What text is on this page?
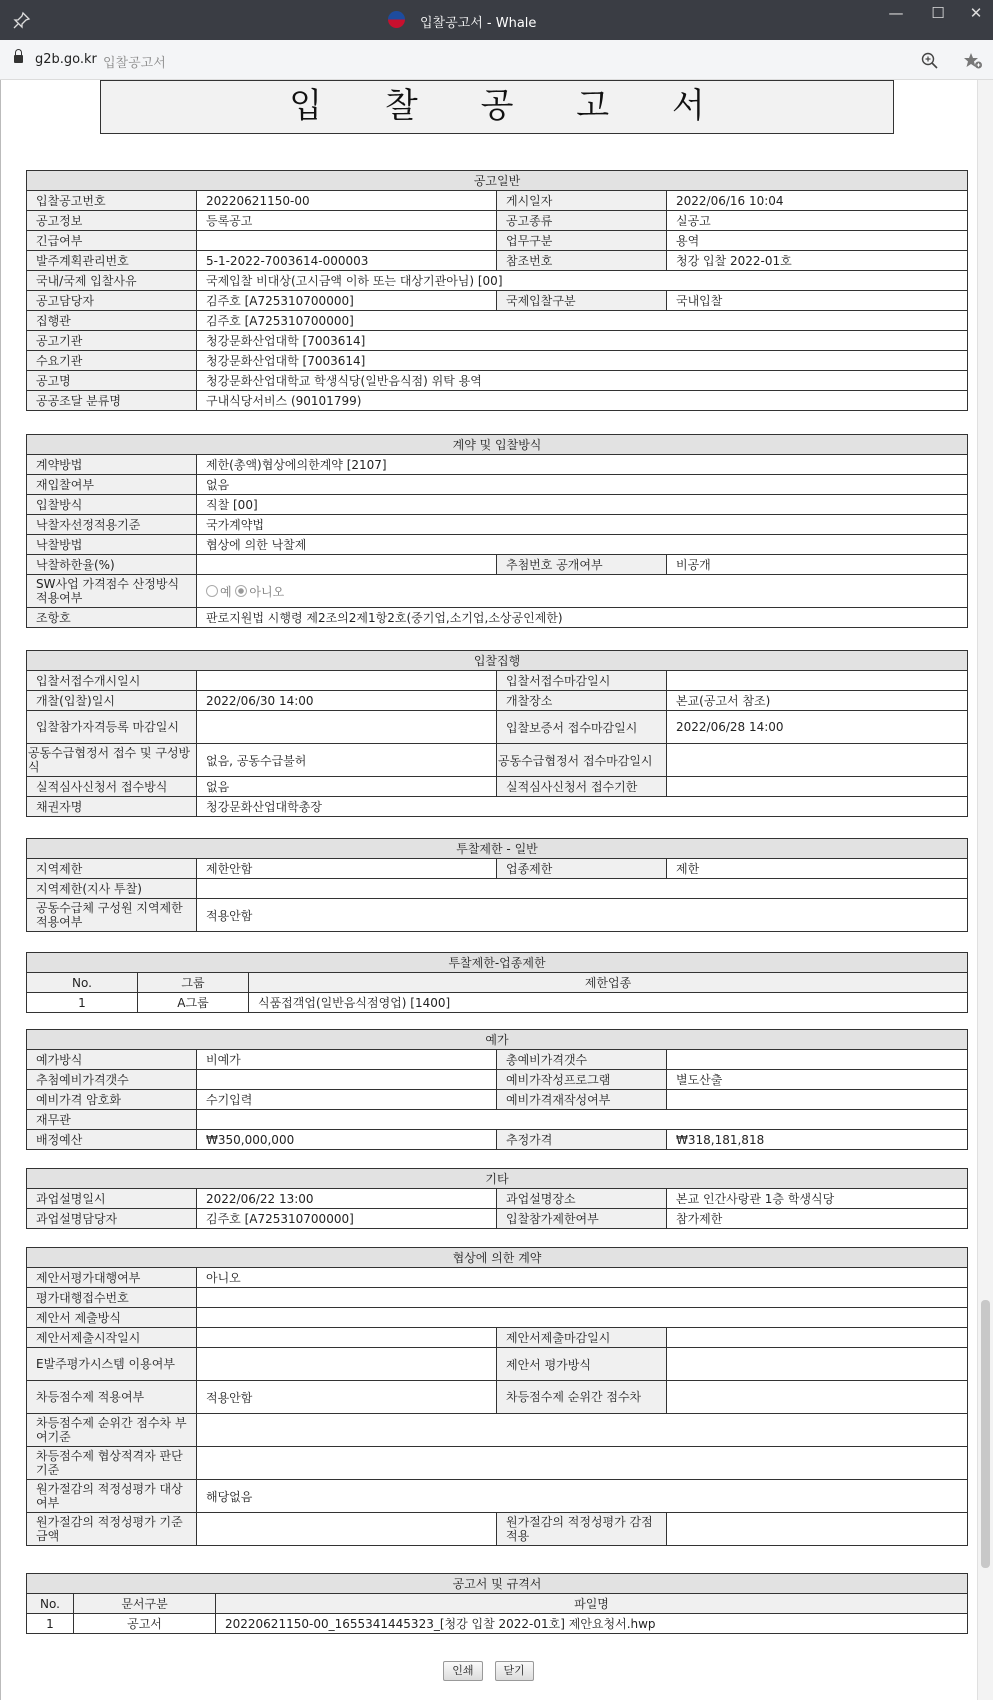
입찰공고서 - Whale
—	☐	✕
g2b.go.kr 입찰공고서
입 찰 공 고 서
공고일반			
입찰공고번호	20220621150-00	게시일자	2022/06/16 10:04
공고정보	등록공고	공고종류	실공고
긴급여부		업무구분	용역
발주계획관리번호	5-1-2022-7003614-000003	참조번호	청강 입찰 2022-01호
국내/국제 입찰사유	국제입찰 비대상(고시금액 이하 또는 대상기관아님) [00]		
공고담당자	김주호 [A725310700000]	국제입찰구분	국내입찰
집행관	김주호 [A725310700000]		
공고기관	청강문화산업대학 [7003614]		
수요기관	청강문화산업대학 [7003614]		
공고명	청강문화산업대학교 학생식당(일반음식점) 위탁 용역		
공공조달 분류명	구내식당서비스 (90101799)		
계약 및 입찰방식			
계약방법	제한(총액)협상에의한계약 [2107]		
재입찰여부	없음		
입찰방식	직찰 [00]		
낙찰자선정적용기준	국가계약법		
낙찰방법	협상에 의한 낙찰제		
낙찰하한율(%)		추첨번호 공개여부	비공개
SW사업 가격점수 산정방식 적용여부	예 아니오		
조항호	판로지원법 시행령 제2조의2제1항2호(중기업,소기업,소상공인제한)		
입찰집행			
입찰서접수개시일시		입찰서접수마감일시	
개찰(입찰)일시	2022/06/30 14:00	개찰장소	본교(공고서 참조)
입찰참가자격등록 마감일시		입찰보증서 접수마감일시	2022/06/28 14:00
공동수급협정서 접수 및 구성방식	없음, 공동수급불허	공동수급협정서 접수마감일시	
실적심사신청서 접수방식	없음	실적심사신청서 접수기한	
채권자명	청강문화산업대학총장		
투찰제한 - 일반			
지역제한	제한안함	업종제한	제한
지역제한(지사 투찰)			
공동수급체 구성원 지역제한 적용여부	적용안함		
투찰제한-업종제한		
No.	그룹	제한업종
1	A그룹	식품접객업(일반음식점영업) [1400]
예가			
예가방식	비예가	총예비가격갯수	
추첨예비가격갯수		예비가작성프로그램	별도산출
예비가격 암호화	수기입력	예비가격재작성여부	
재무관			
배정예산	₩350,000,000	추정가격	₩318,181,818
기타			
과업설명일시	2022/06/22 13:00	과업설명장소	본교 인간사랑관 1층 학생식당
과업설명담당자	김주호 [A725310700000]	입찰참가제한여부	참가제한
협상에 의한 계약			
제안서평가대행여부	아니오		
평가대행접수번호			
제안서 제출방식			
제안서제출시작일시		제안서제출마감일시	
E발주평가시스템 이용여부		제안서 평가방식	
차등점수제 적용여부	적용안함	차등점수제 순위간 점수차	
차등점수제 순위간 점수차 부여기준			
차등점수제 협상적격자 판단기준			
원가절감의 적정성평가 대상여부	해당없음		
원가절감의 적정성평가 기준금액		원가절감의 적정성평가 감점적용	
공고서 및 규격서		
No.	문서구분	파일명
1	공고서	20220621150-00_1655341445323_[청강 입찰 2022-01호] 제안요청서.hwp
인쇄	닫기
